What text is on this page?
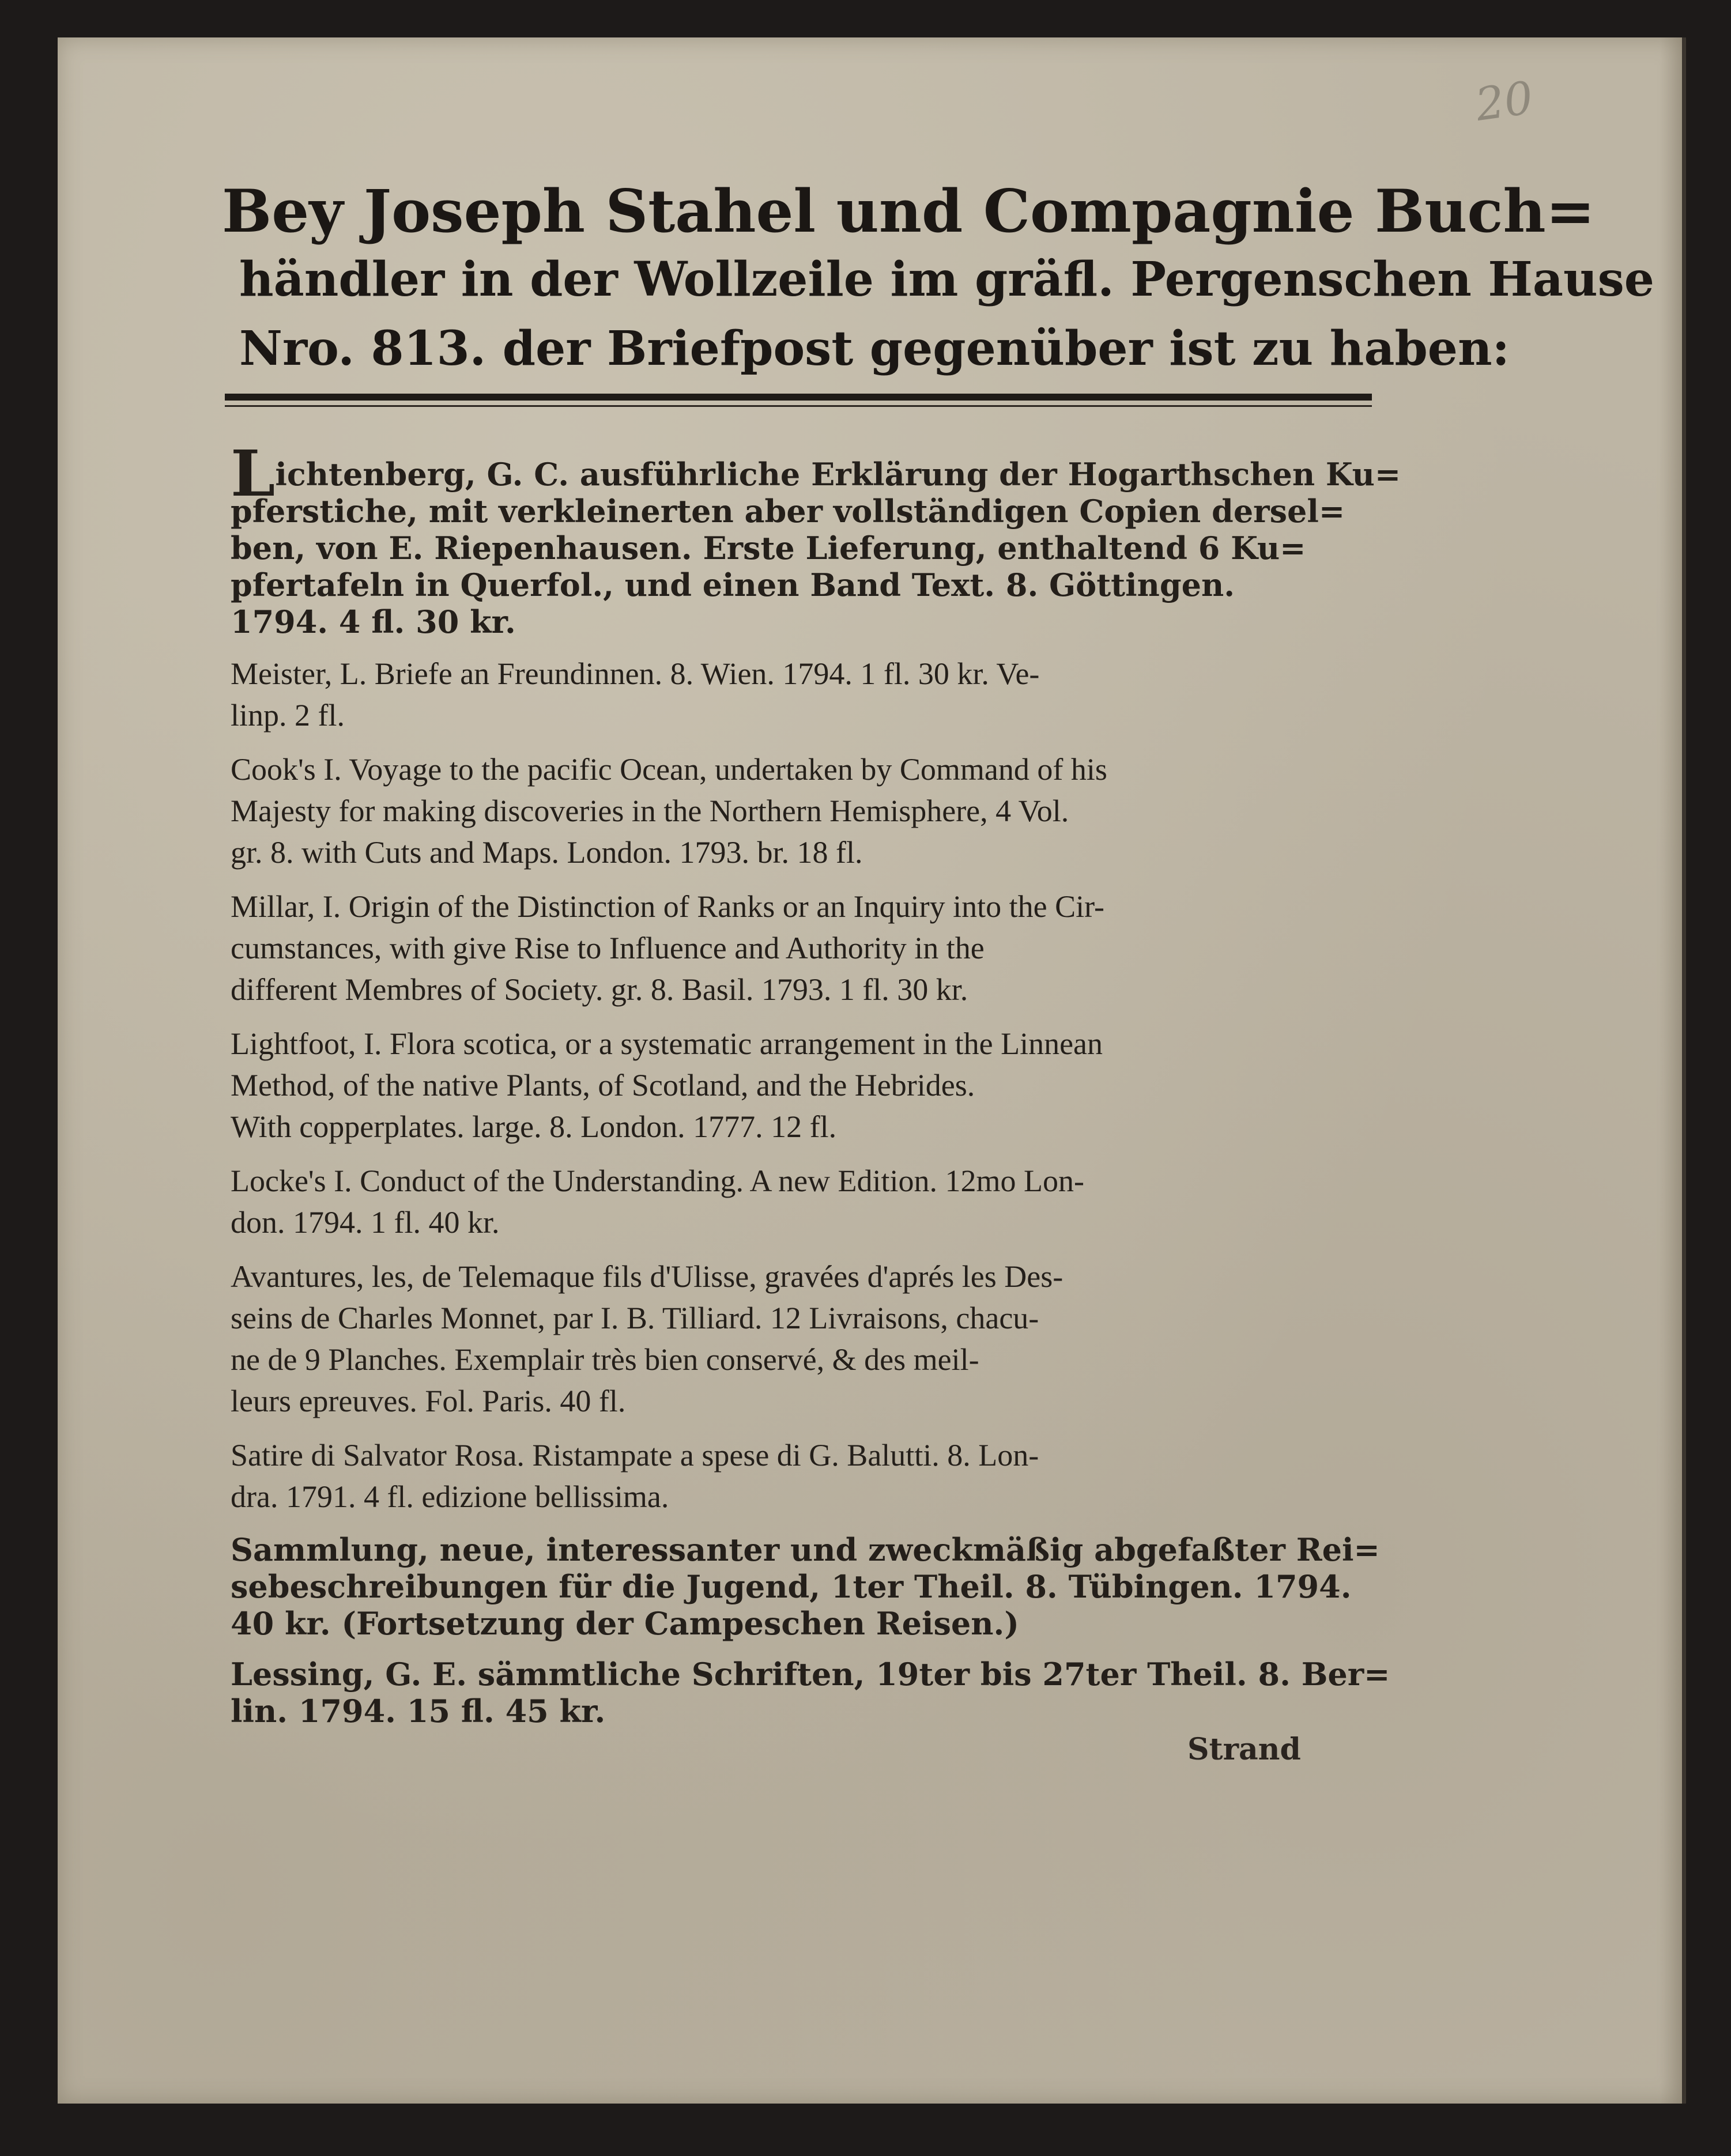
20
Bey Joseph Stahel und Compagnie Buch=
händler in der Wollzeile im gräfl. Pergenschen Hause
Nro. 813. der Briefpost gegenüber ist zu haben:
Lichtenberg, G. C. ausführliche Erklärung der Hogarthschen Ku=
pferstiche, mit verkleinerten aber vollständigen Copien dersel=
ben, von E. Riepenhausen. Erste Lieferung, enthaltend 6 Ku=
pfertafeln in Querfol., und einen Band Text. 8. Göttingen.
1794. 4 fl. 30 kr.
Meister, L. Briefe an Freundinnen. 8. Wien. 1794. 1 fl. 30 kr. Ve-
linp. 2 fl.
Cook's I. Voyage to the pacific Ocean, undertaken by Command of his
Majesty for making discoveries in the Northern Hemisphere, 4 Vol.
gr. 8. with Cuts and Maps. London. 1793. br. 18 fl.
Millar, I. Origin of the Distinction of Ranks or an Inquiry into the Cir-
cumstances, with give Rise to Influence and Authority in the
different Membres of Society. gr. 8. Basil. 1793. 1 fl. 30 kr.
Lightfoot, I. Flora scotica, or a systematic arrangement in the Linnean
Method, of the native Plants, of Scotland, and the Hebrides.
With copperplates. large. 8. London. 1777. 12 fl.
Locke's I. Conduct of the Understanding. A new Edition. 12mo Lon-
don. 1794. 1 fl. 40 kr.
Avantures, les, de Telemaque fils d'Ulisse, gravées d'aprés les Des-
seins de Charles Monnet, par I. B. Tilliard. 12 Livraisons, chacu-
ne de 9 Planches. Exemplair très bien conservé, & des meil-
leurs epreuves. Fol. Paris. 40 fl.
Satire di Salvator Rosa. Ristampate a spese di G. Balutti. 8. Lon-
dra. 1791. 4 fl. edizione bellissima.
Sammlung, neue, interessanter und zweckmäßig abgefaßter Rei=
sebeschreibungen für die Jugend, 1ter Theil. 8. Tübingen. 1794.
40 kr. (Fortsetzung der Campeschen Reisen.)
Lessing, G. E. sämmtliche Schriften, 19ter bis 27ter Theil. 8. Ber=
lin. 1794. 15 fl. 45 kr.
Strand
